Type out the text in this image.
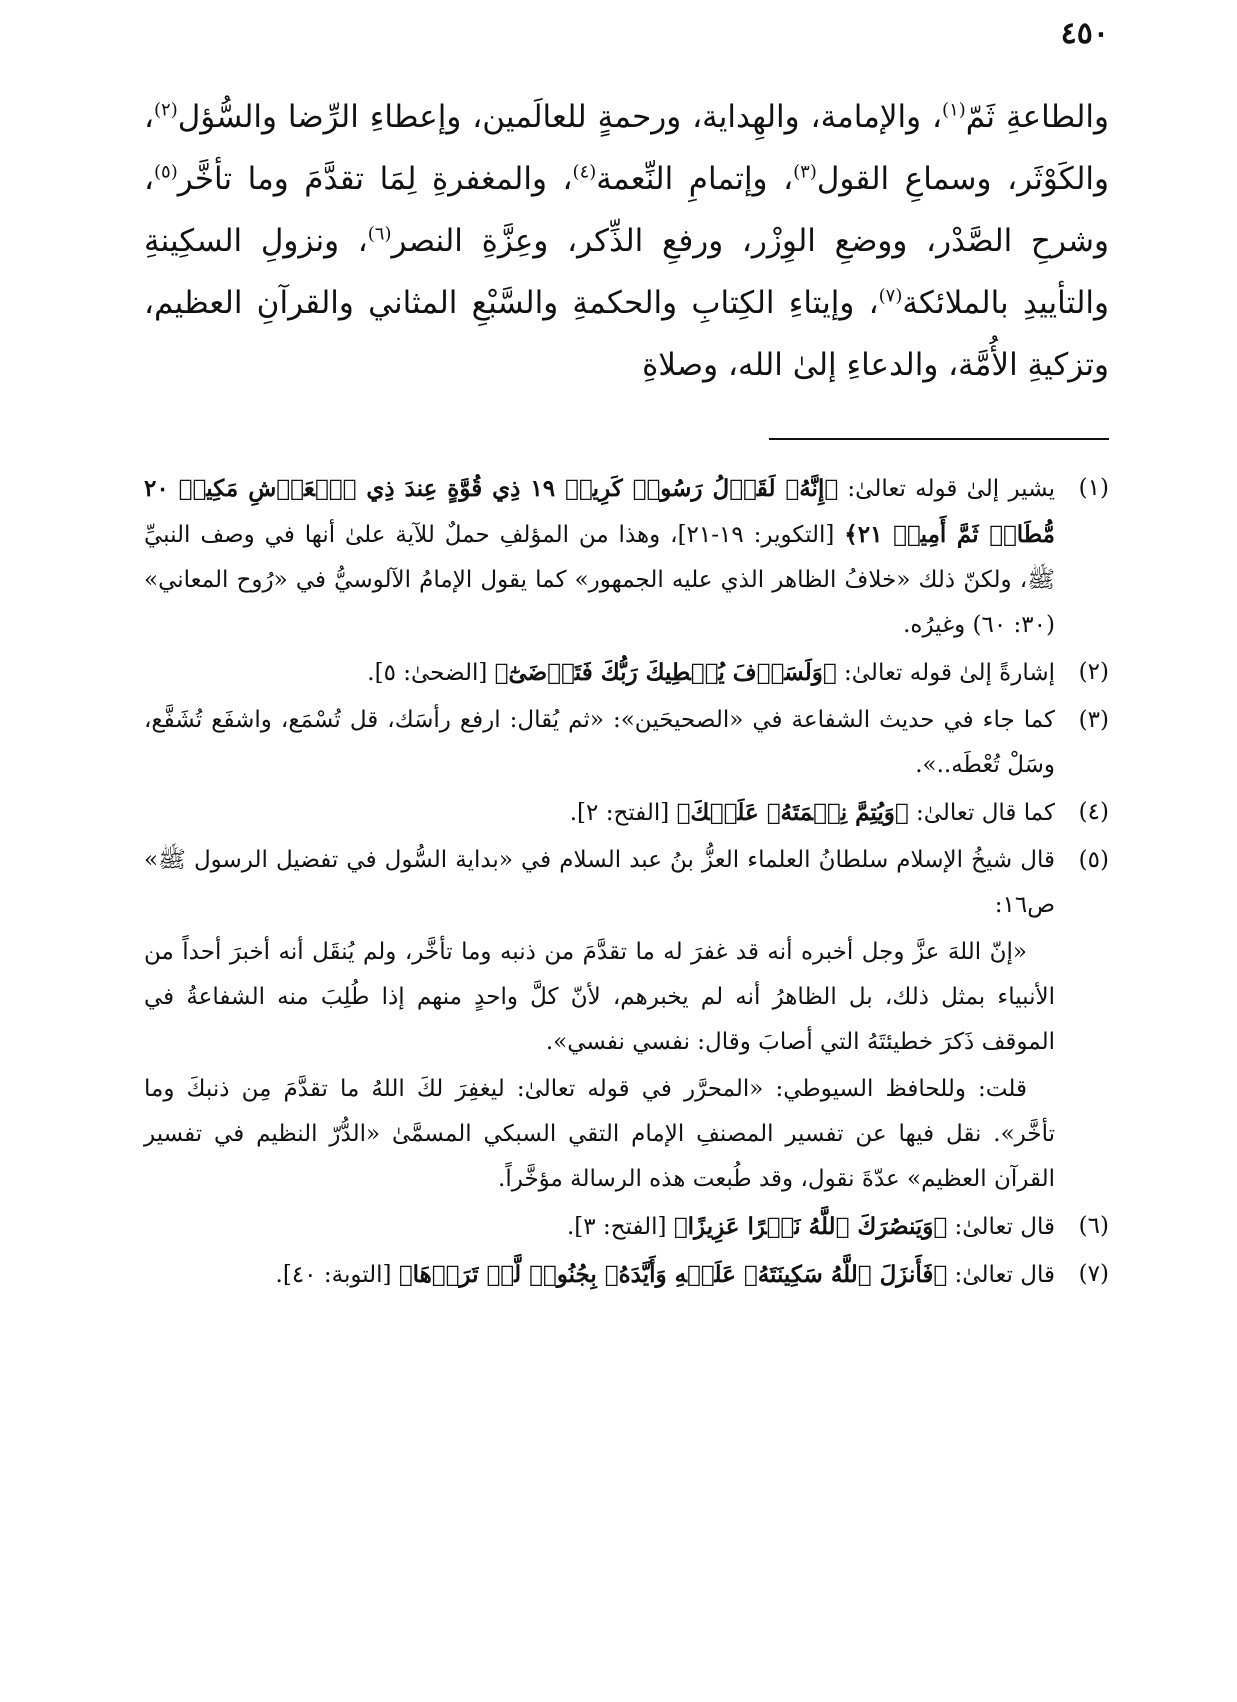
٤٥٠

والطاعةِ ثَمّ$^{(١)}$، والإمامة، والهِداية، ورحمةٍ للعالَمين، وإعطاءِ الرِّضا والسُّؤل$^{(٢)}$، والكَوْثَر، وسماعِ القول$^{(٣)}$، وإتمامِ النِّعمة$^{(٤)}$، والمغفرةِ لِمَا تقدَّمَ وما تأخَّر$^{(٥)}$، وشرحِ الصَّدْر، ووضعِ الوِزْر، ورفعِ الذِّكر، وعِزَّةِ النصر$^{(٦)}$، ونزولِ السكِينةِ والتأييدِ بالملائكة$^{(٧)}$، وإيتاءِ الكِتابِ والحكمةِ والسَّبْعِ المثاني والقرآنِ العظيم، وتزكيةِ الأُمَّة، والدعاءِ إلىٰ الله، وصلاةِ

(١)
يشير إلىٰ قوله تعالىٰ: ﴿إِنَّهُۥ لَقَوۡلُ رَسُولٖ كَرِيمٖ ١٩ ذِي قُوَّةٍ عِندَ ذِي ٱلۡعَرۡشِ مَكِينٖ ٢٠ مُّطَاعٖ ثَمَّ أَمِينٖ ٢١﴾ [التكوير: ١٩-٢١]، وهذا من المؤلفِ حملٌ للآية علىٰ أنها في وصف النبيِّ ﷺ، ولكنّ ذلك «خلافُ الظاهر الذي عليه الجمهور» كما يقول الإمامُ الآلوسيُّ في «رُوح المعاني» (٣٠: ٦٠) وغيرُه.
(٢)
إشارةً إلىٰ قوله تعالىٰ: ﴿وَلَسَوۡفَ يُعۡطِيكَ رَبُّكَ فَتَرۡضَىٰٓ﴾ [الضحىٰ: ٥].
(٣)
كما جاء في حديث الشفاعة في «الصحيحَين»: «ثم يُقال: ارفع رأسَك، قل تُسْمَع، واشفَع تُشَفَّع، وسَلْ تُعْطَه..».
(٤)
كما قال تعالىٰ: ﴿وَيُتِمَّ نِعۡمَتَهُۥ عَلَيۡكَ﴾ [الفتح: ٢].
(٥)
قال شيخُ الإسلام سلطانُ العلماء العزُّ بنُ عبد السلام في «بداية السُّول في تفضيل الرسول ﷺ» ص١٦:

«إنّ اللهَ عزَّ وجل أخبره أنه قد غفرَ له ما تقدَّمَ من ذنبه وما تأخَّر، ولم يُنقَل أنه أخبرَ أحداً من الأنبياء بمثل ذلك، بل الظاهرُ أنه لم يخبرهم، لأنّ كلَّ واحدٍ منهم إذا طُلِبَ منه الشفاعةُ في الموقف ذَكرَ خطيئتَهُ التي أصابَ وقال: نفسي نفسي».

قلت: وللحافظ السيوطي: «المحرَّر في قوله تعالىٰ: ليغفِرَ لكَ اللهُ ما تقدَّمَ مِن ذنبكَ وما تأخَّر». نقل فيها عن تفسير المصنفِ الإمام التقي السبكي المسمَّىٰ «الدُّرّ النظيم في تفسير القرآن العظيم» عدّةَ نقول، وقد طُبعت هذه الرسالة مؤخَّراً.

(٦)
قال تعالىٰ: ﴿وَيَنصُرَكَ ٱللَّهُ نَصۡرًا عَزِيزًا﴾ [الفتح: ٣].
(٧)
قال تعالىٰ: ﴿فَأَنزَلَ ٱللَّهُ سَكِينَتَهُۥ عَلَيۡهِ وَأَيَّدَهُۥ بِجُنُودٖ لَّمۡ تَرَوۡهَا﴾ [التوبة: ٤٠].
